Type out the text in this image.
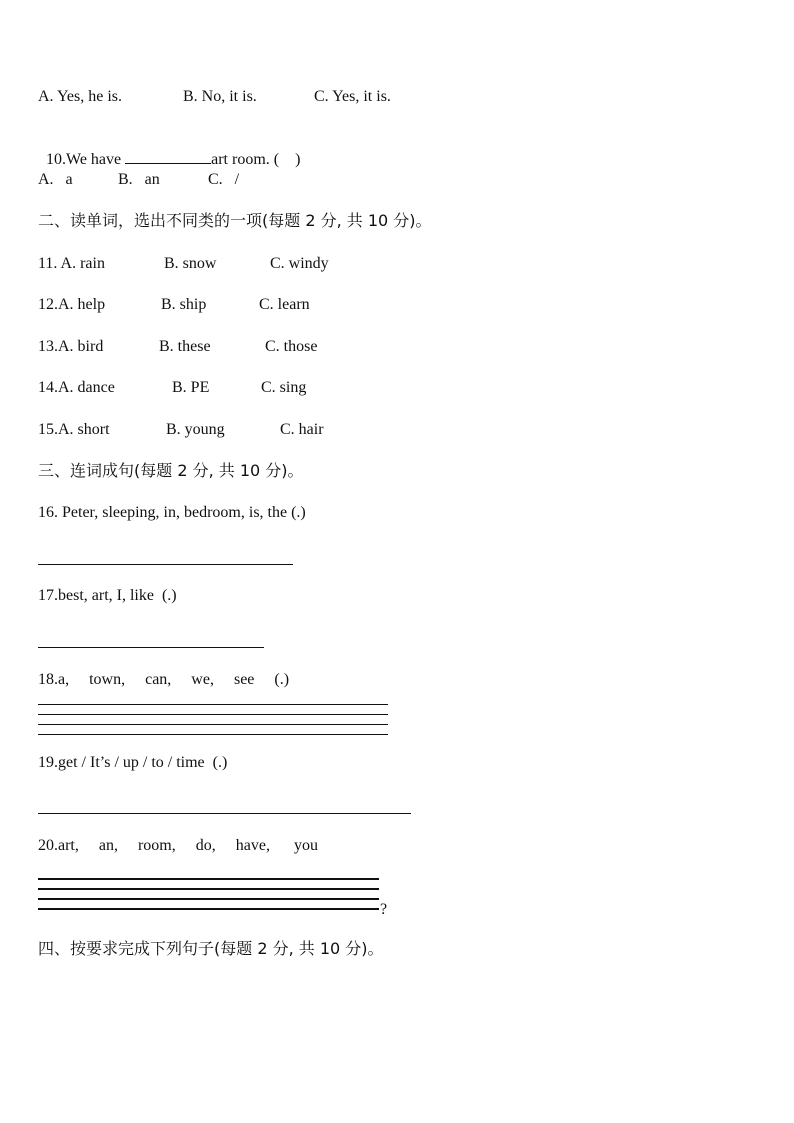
A. Yes, he is.	B. No, it is.	C. Yes, it is.

10.We have	art room. (    )

A.   a	B.   an	C.   /
二、读单词，选出不同类的一项(每题 2 分, 共 10 分)。
11. A. rain	B. snow	C. windy
12.A. help	B. ship	C. learn
13.A. bird	B. these	C. those
14.A. dance	B. PE	C. sing
15.A. short	B. young	C. hair
三、连词成句(每题 2 分, 共 10 分)。
16. Peter, sleeping, in, bedroom, is, the (.)
17.best, art, I, like  (.)
18.a,     town,     can,     we,     see     (.)
19.get / It’s / up / to / time  (.)
20.art,     an,     room,     do,     have,      you
?
四、按要求完成下列句子(每题 2 分, 共 10 分)。
